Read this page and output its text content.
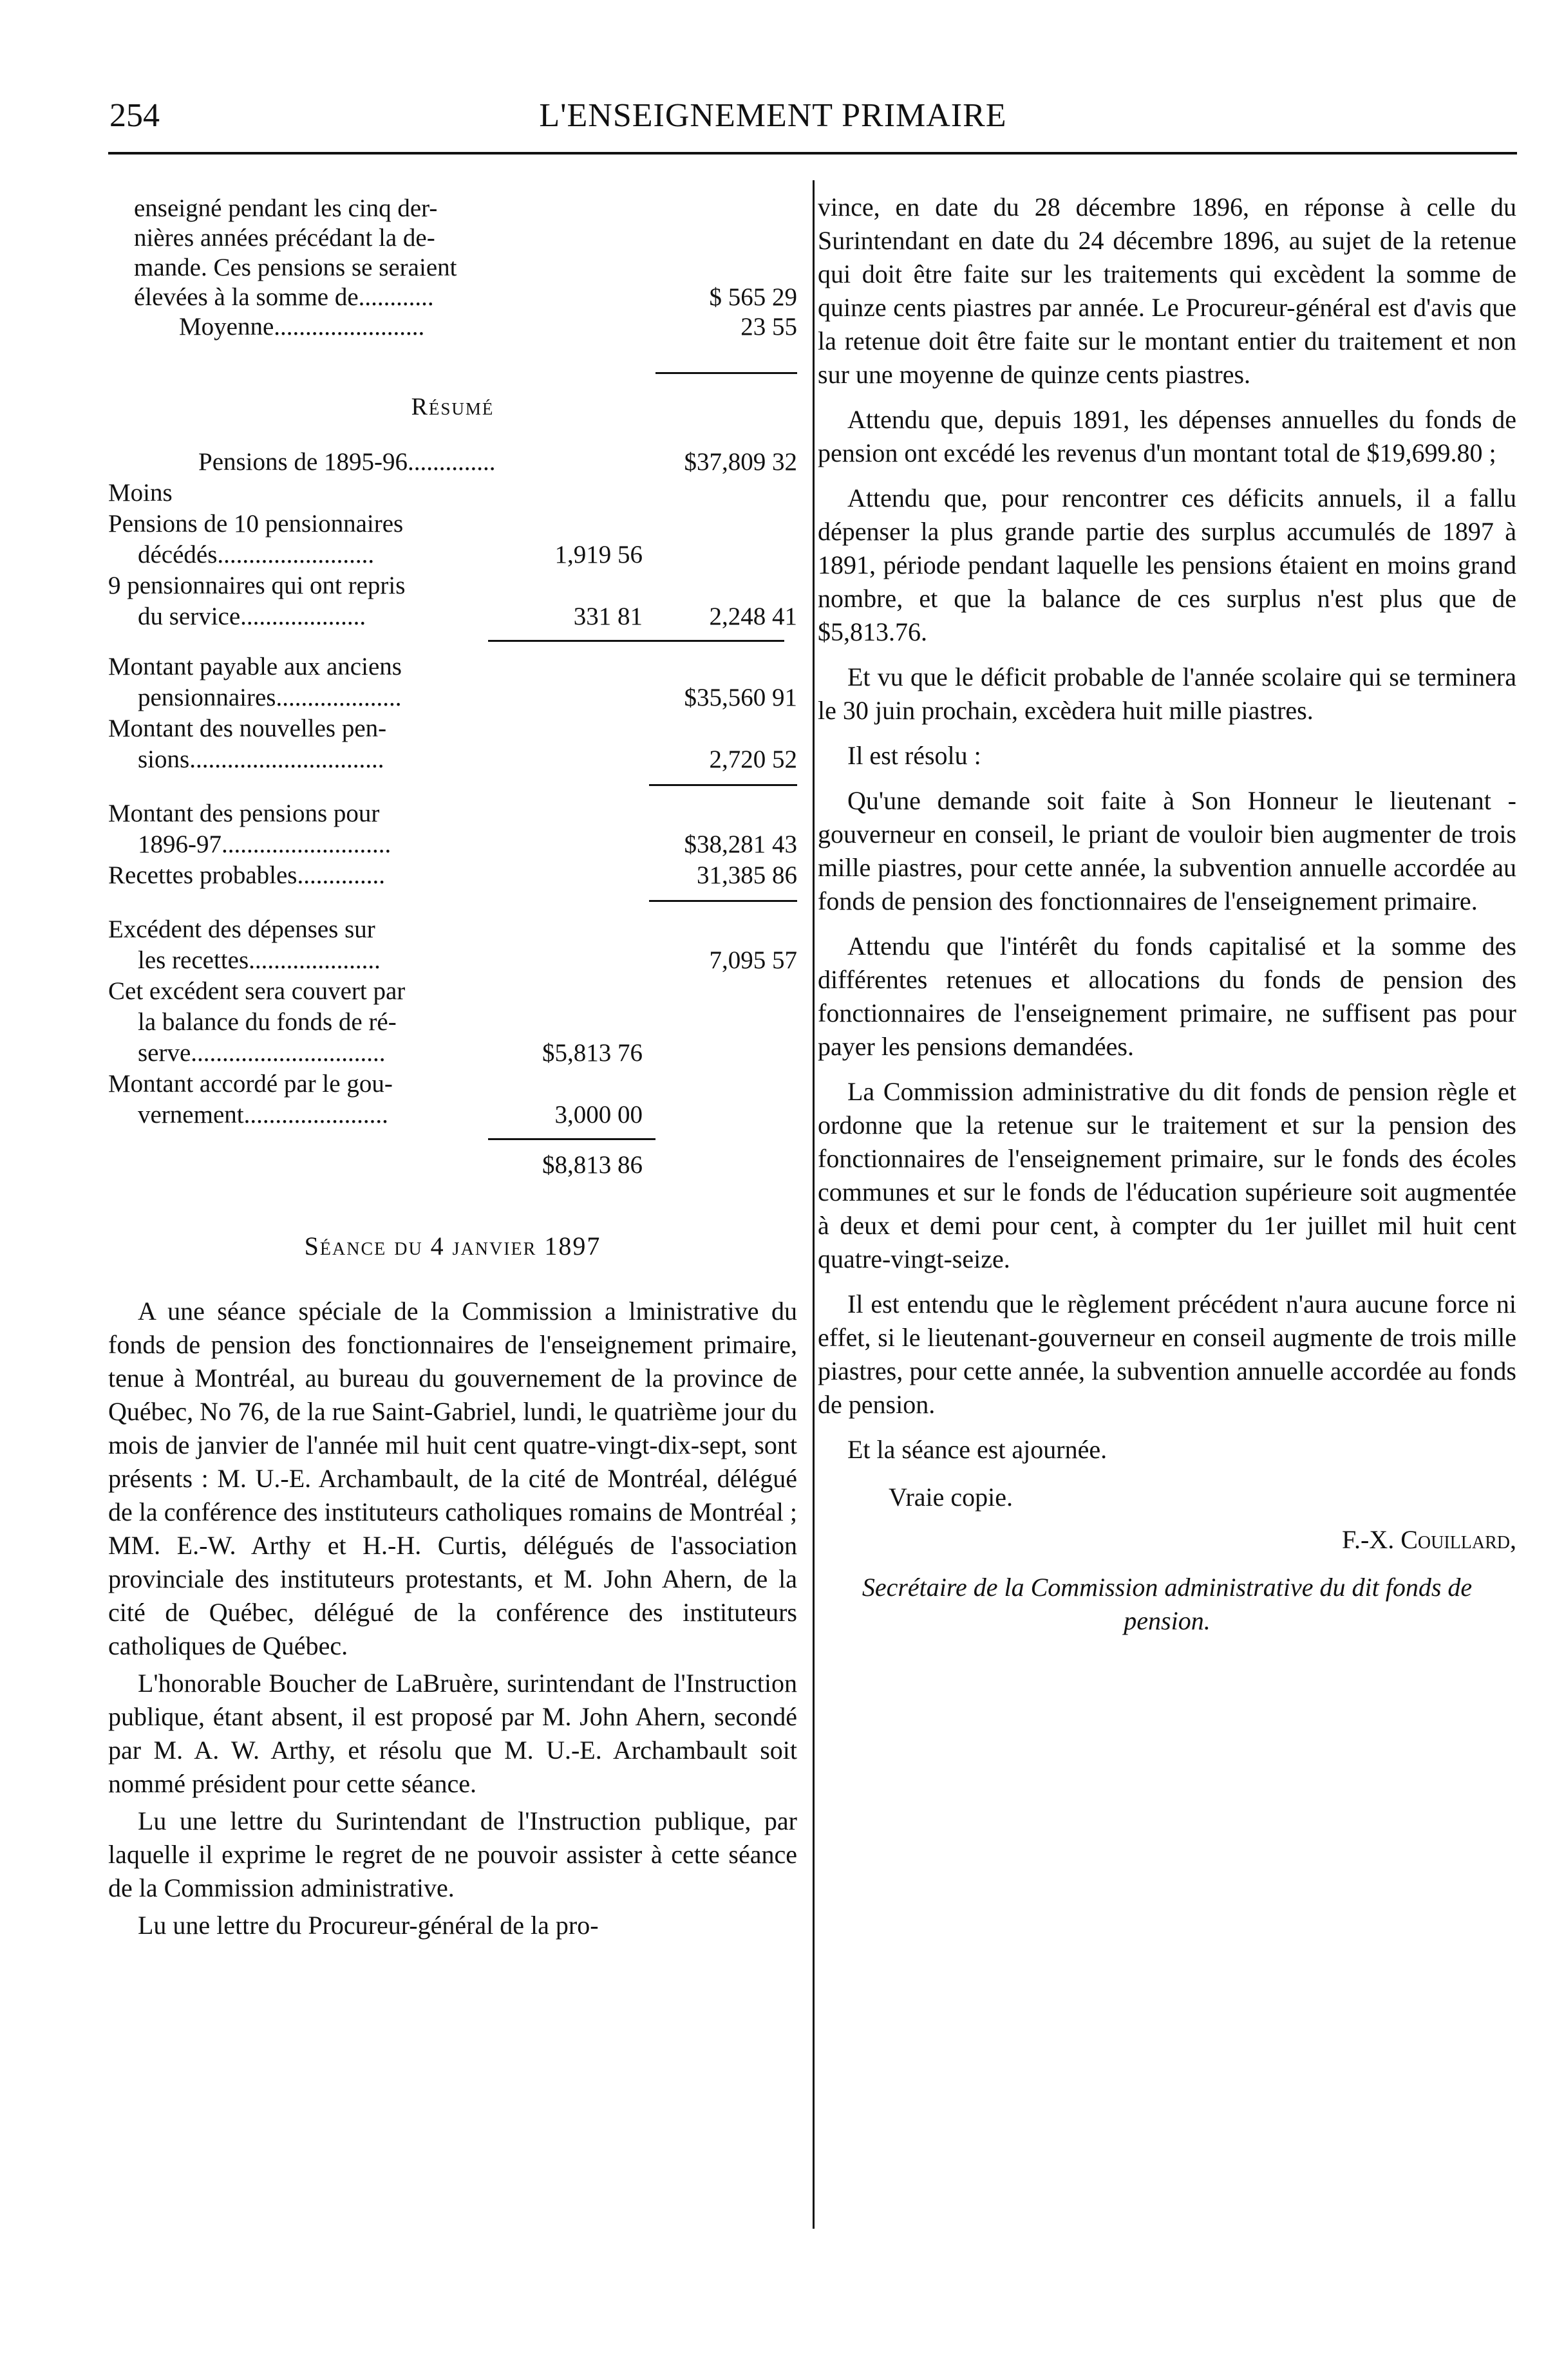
254	L'ENSEIGNEMENT PRIMAIRE
enseigné pendant les cinq der-
nières années précédant la de-
mande. Ces pensions se seraient
élevées à la somme de............	$ 565 29
Moyenne........................	23 55
Résumé
Pensions de 1895-96..............	$37,809 32
Moins
Pensions de 10 pensionnaires
décédés.........................	1,919 56
9 pensionnaires qui ont repris
du service....................	331 81	2,248 41
Montant payable aux anciens
pensionnaires....................	$35,560 91
Montant des nouvelles pen-
sions...............................	2,720 52
Montant des pensions pour
1896-97...........................	$38,281 43
Recettes probables..............	31,385 86
Excédent des dépenses sur
les recettes.....................	7,095 57
Cet excédent sera couvert par
la balance du fonds de ré-
serve...............................	$5,813 76
Montant accordé par le gou-
vernement.......................	3,000 00
$8,813 86
Séance du 4 janvier 1897

A une séance spéciale de la Commission a lministrative du fonds de pension des fonctionnaires de l'enseignement primaire, tenue à Montréal, au bureau du gouvernement de la province de Québec, No 76, de la rue Saint-Gabriel, lundi, le quatrième jour du mois de janvier de l'année mil huit cent quatre-vingt-dix-sept, sont présents : M. U.-E. Archambault, de la cité de Montréal, délégué de la conférence des instituteurs catholiques romains de Montréal ; MM. E.-W. Arthy et H.-H. Curtis, délégués de l'association provinciale des instituteurs protestants, et M. John Ahern, de la cité de Québec, délégué de la conférence des instituteurs catholiques de Québec.

L'honorable Boucher de LaBruère, surintendant de l'Instruction publique, étant absent, il est proposé par M. John Ahern, secondé par M. A. W. Arthy, et résolu que M. U.-E. Archambault soit nommé président pour cette séance.

Lu une lettre du Surintendant de l'Instruction publique, par laquelle il exprime le regret de ne pouvoir assister à cette séance de la Commission administrative.

Lu une lettre du Procureur-général de la pro-

vince, en date du 28 décembre 1896, en réponse à celle du Surintendant en date du 24 décembre 1896, au sujet de la retenue qui doit être faite sur les traitements qui excèdent la somme de quinze cents piastres par année. Le Procureur-général est d'avis que la retenue doit être faite sur le montant entier du traitement et non sur une moyenne de quinze cents piastres.

Attendu que, depuis 1891, les dépenses annuelles du fonds de pension ont excédé les revenus d'un montant total de $19,699.80 ;

Attendu que, pour rencontrer ces déficits annuels, il a fallu dépenser la plus grande partie des surplus accumulés de 1897 à 1891, période pendant laquelle les pensions étaient en moins grand nombre, et que la balance de ces surplus n'est plus que de $5,813.76.

Et vu que le déficit probable de l'année scolaire qui se terminera le 30 juin prochain, excèdera huit mille piastres.

Il est résolu :

Qu'une demande soit faite à Son Honneur le lieutenant - gouverneur en conseil, le priant de vouloir bien augmenter de trois mille piastres, pour cette année, la subvention annuelle accordée au fonds de pension des fonctionnaires de l'enseignement primaire.

Attendu que l'intérêt du fonds capitalisé et la somme des différentes retenues et allocations du fonds de pension des fonctionnaires de l'enseignement primaire, ne suffisent pas pour payer les pensions demandées.

La Commission administrative du dit fonds de pension règle et ordonne que la retenue sur le traitement et sur la pension des fonctionnaires de l'enseignement primaire, sur le fonds des écoles communes et sur le fonds de l'éducation supérieure soit augmentée à deux et demi pour cent, à compter du 1er juillet mil huit cent quatre-vingt-seize.

Il est entendu que le règlement précédent n'aura aucune force ni effet, si le lieutenant-gouverneur en conseil augmente de trois mille piastres, pour cette année, la subvention annuelle accordée au fonds de pension.

Et la séance est ajournée.

Vraie copie.

F.-X. Couillard,

Secrétaire de la Commission administrative du dit fonds de pension.
